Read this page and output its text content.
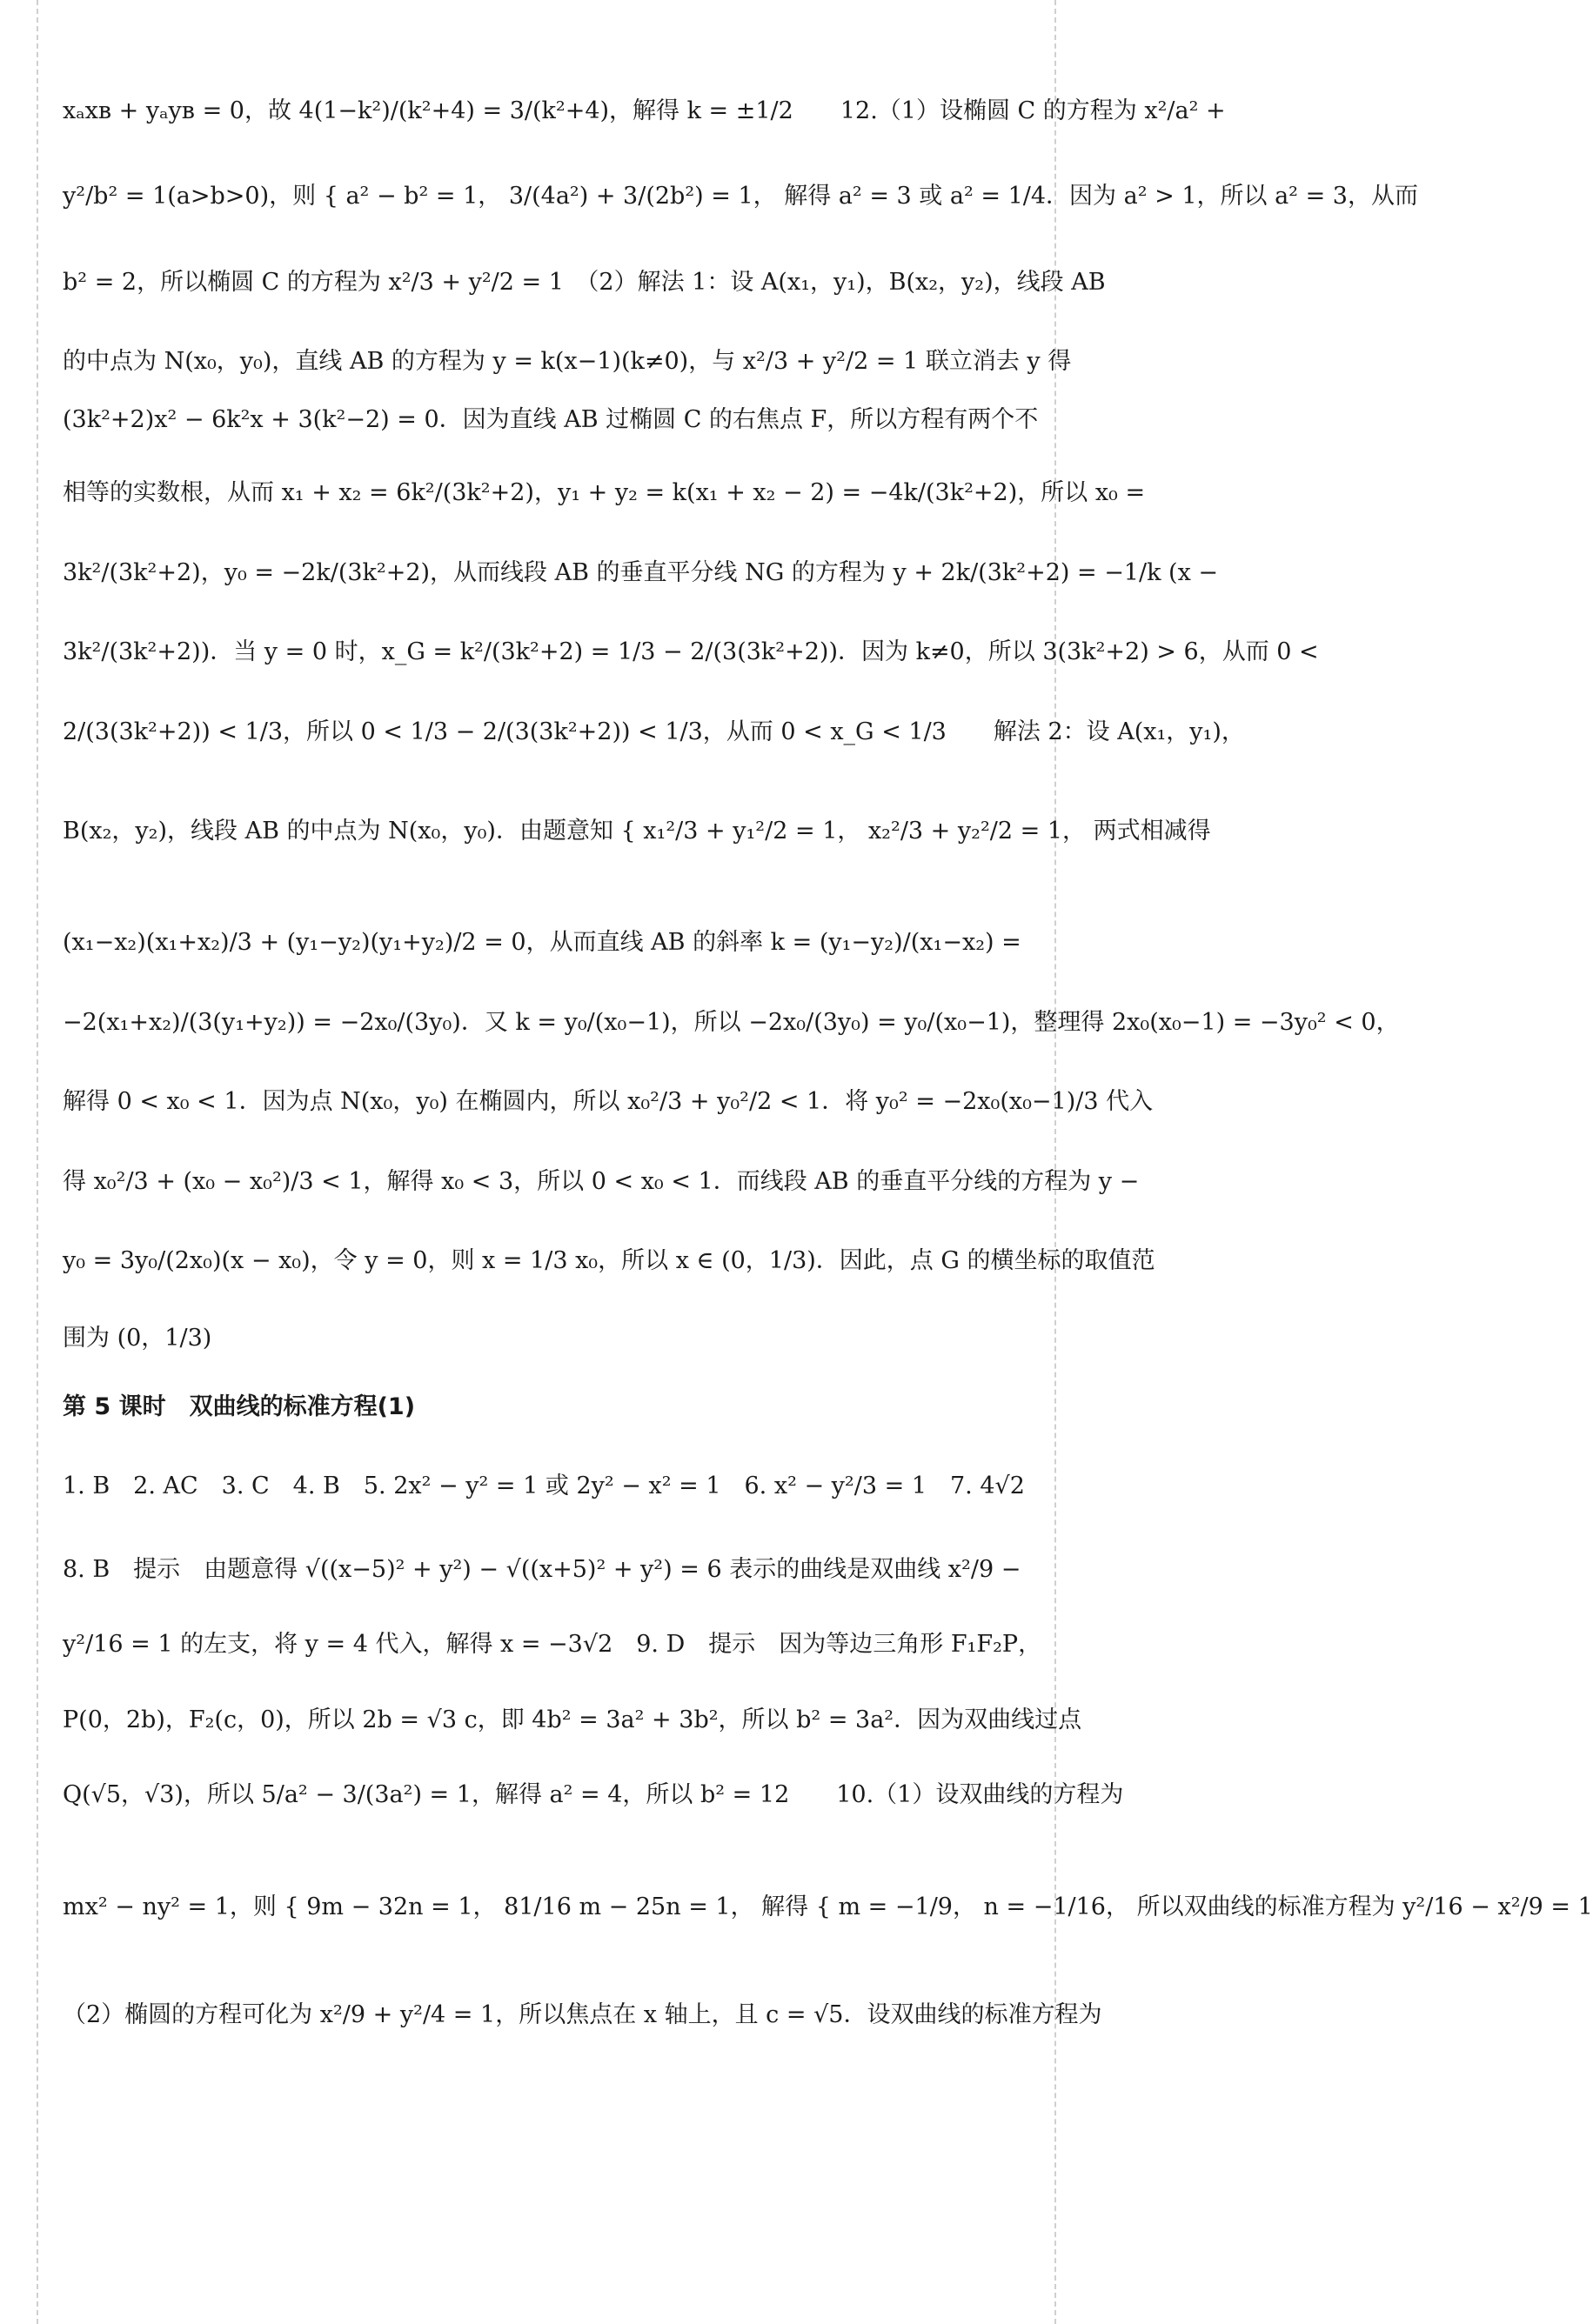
xₐxʙ + yₐyʙ = 0，故 4(1−k²)/(k²+4) = 3/(k²+4)，解得 k = ±1/2　　12.（1）设椭圆 C 的方程为 x²/a² +
y²/b² = 1(a>b>0)，则 { a² − b² = 1， 3/(4a²) + 3/(2b²) = 1， 解得 a² = 3 或 a² = 1/4．因为 a² > 1，所以 a² = 3，从而
b² = 2，所以椭圆 C 的方程为 x²/3 + y²/2 = 1　（2）解法 1：设 A(x₁，y₁)，B(x₂，y₂)，线段 AB
的中点为 N(x₀，y₀)，直线 AB 的方程为 y = k(x−1)(k≠0)，与 x²/3 + y²/2 = 1 联立消去 y 得
(3k²+2)x² − 6k²x + 3(k²−2) = 0．因为直线 AB 过椭圆 C 的右焦点 F，所以方程有两个不
相等的实数根，从而 x₁ + x₂ = 6k²/(3k²+2)，y₁ + y₂ = k(x₁ + x₂ − 2) = −4k/(3k²+2)，所以 x₀ =
3k²/(3k²+2)，y₀ = −2k/(3k²+2)，从而线段 AB 的垂直平分线 NG 的方程为 y + 2k/(3k²+2) = −1/k (x −
3k²/(3k²+2))．当 y = 0 时，x_G = k²/(3k²+2) = 1/3 − 2/(3(3k²+2))．因为 k≠0，所以 3(3k²+2) > 6，从而 0 <
2/(3(3k²+2)) < 1/3，所以 0 < 1/3 − 2/(3(3k²+2)) < 1/3，从而 0 < x_G < 1/3　　解法 2：设 A(x₁，y₁)，
B(x₂，y₂)，线段 AB 的中点为 N(x₀，y₀)．由题意知 { x₁²/3 + y₁²/2 = 1， x₂²/3 + y₂²/2 = 1， 两式相减得
(x₁−x₂)(x₁+x₂)/3 + (y₁−y₂)(y₁+y₂)/2 = 0，从而直线 AB 的斜率 k = (y₁−y₂)/(x₁−x₂) =
−2(x₁+x₂)/(3(y₁+y₂)) = −2x₀/(3y₀)．又 k = y₀/(x₀−1)，所以 −2x₀/(3y₀) = y₀/(x₀−1)，整理得 2x₀(x₀−1) = −3y₀² < 0，
解得 0 < x₀ < 1．因为点 N(x₀，y₀) 在椭圆内，所以 x₀²/3 + y₀²/2 < 1．将 y₀² = −2x₀(x₀−1)/3 代入
得 x₀²/3 + (x₀ − x₀²)/3 < 1，解得 x₀ < 3，所以 0 < x₀ < 1．而线段 AB 的垂直平分线的方程为 y −
y₀ = 3y₀/(2x₀)(x − x₀)，令 y = 0，则 x = 1/3 x₀，所以 x ∈ (0，1/3)．因此，点 G 的横坐标的取值范
围为 (0，1/3)
第 5 课时　双曲线的标准方程(1)
1. B　2. AC　3. C　4. B　5. 2x² − y² = 1 或 2y² − x² = 1　6. x² − y²/3 = 1　7. 4√2
8. B　提示　由题意得 √((x−5)² + y²) − √((x+5)² + y²) = 6 表示的曲线是双曲线 x²/9 −
y²/16 = 1 的左支，将 y = 4 代入，解得 x = −3√2　9. D　提示　因为等边三角形 F₁F₂P，
P(0，2b)，F₂(c，0)，所以 2b = √3 c，即 4b² = 3a² + 3b²，所以 b² = 3a²．因为双曲线过点
Q(√5，√3)，所以 5/a² − 3/(3a²) = 1，解得 a² = 4，所以 b² = 12　　10.（1）设双曲线的方程为
mx² − ny² = 1，则 { 9m − 32n = 1， 81/16 m − 25n = 1， 解得 { m = −1/9， n = −1/16， 所以双曲线的标准方程为 y²/16 − x²/9 = 1
（2）椭圆的方程可化为 x²/9 + y²/4 = 1，所以焦点在 x 轴上，且 c = √5．设双曲线的标准方程为
